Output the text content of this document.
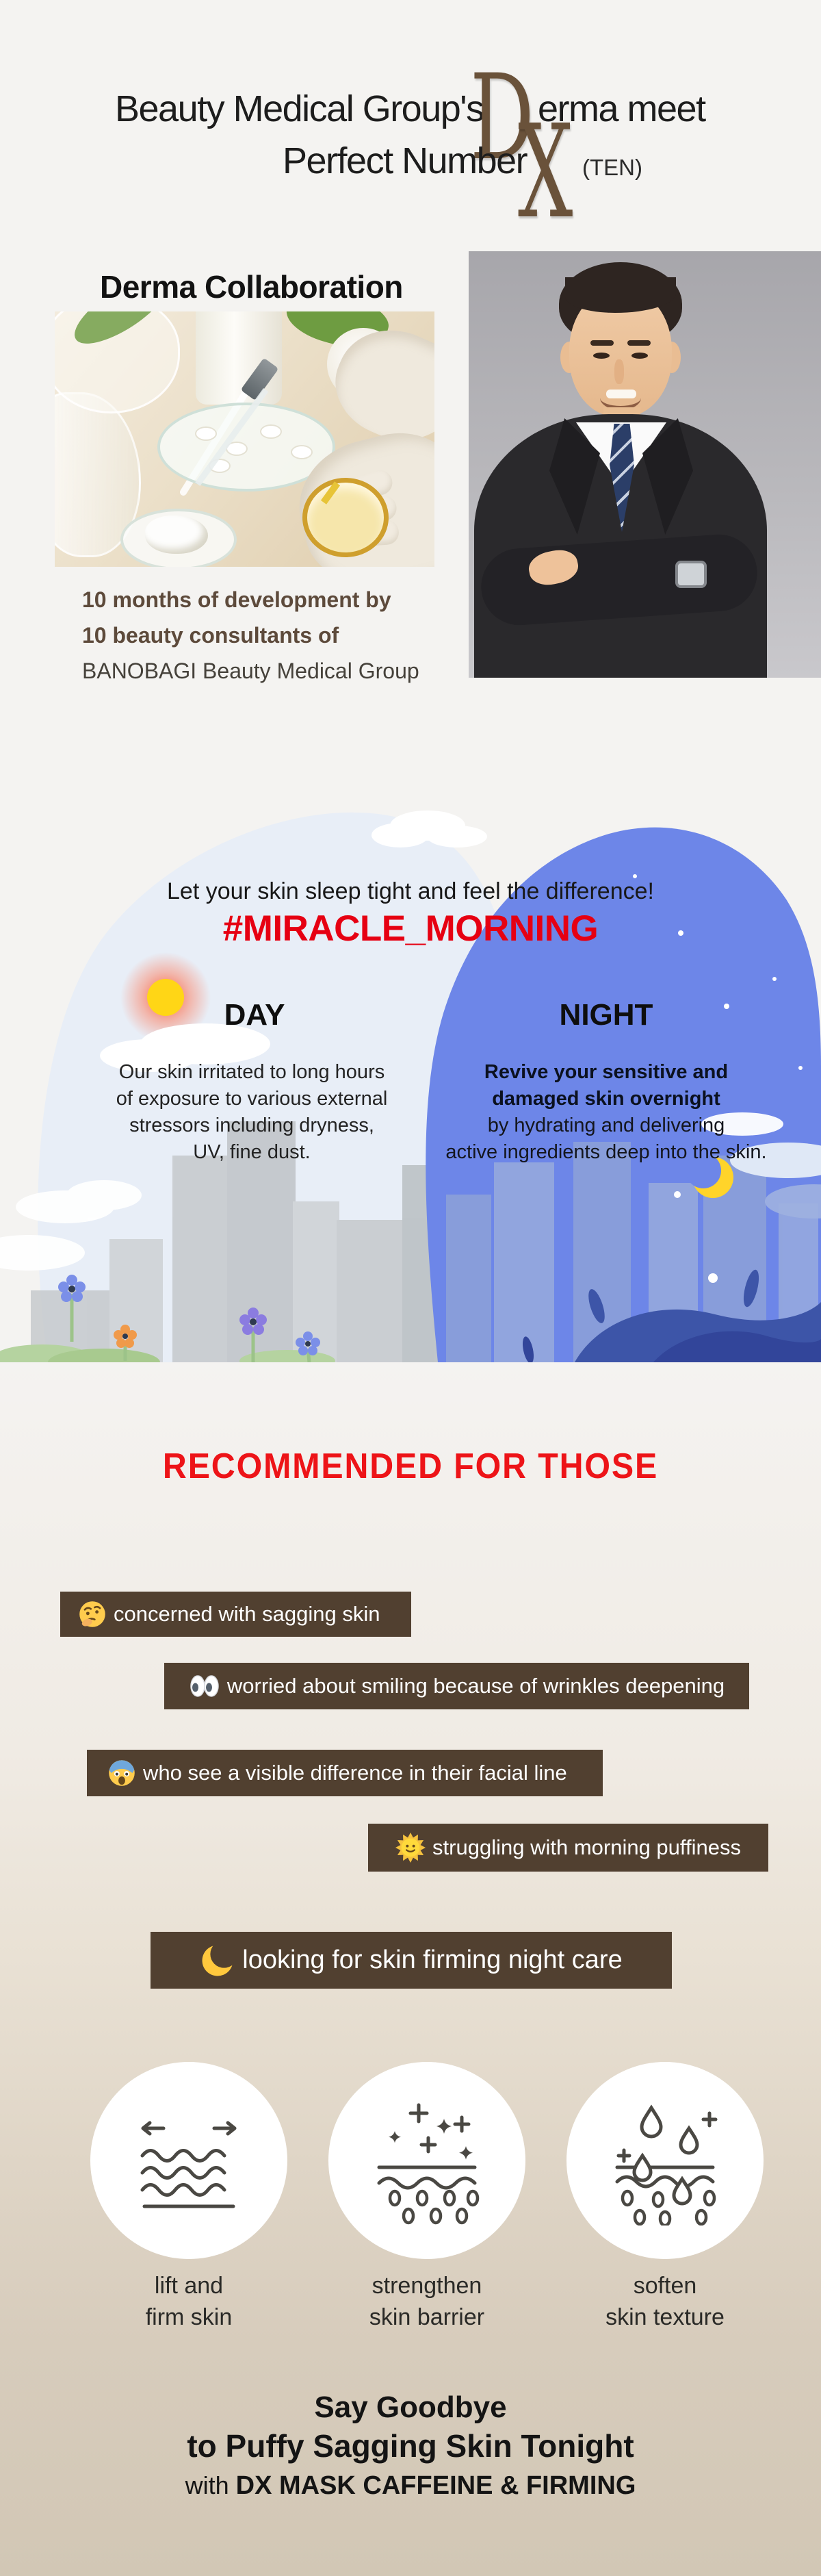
Beauty Medical Group's
D erma meet
Perfect Number
X (TEN)
Derma Collaboration
10 months of development by
10 beauty consultants of
BANOBAGI Beauty Medical Group
Let your skin sleep tight and feel the difference!
#MIRACLE_MORNING
DAY	NIGHT
Our skin irritated to long hours
of exposure to various external
stressors including dryness,
UV, fine dust.
Revive your sensitive and
damaged skin overnight
by hydrating and delivering
active ingredients deep into the skin.
RECOMMENDED FOR THOSE
concerned with sagging skin
worried about smiling because of wrinkles deepening
who see a visible difference in their facial line
struggling with morning puffiness
looking for skin firming night care
lift and
firm skin
strengthen
skin barrier
soften
skin texture
Say Goodbye
to Puffy Sagging Skin Tonight
with DX MASK CAFFEINE & FIRMING
